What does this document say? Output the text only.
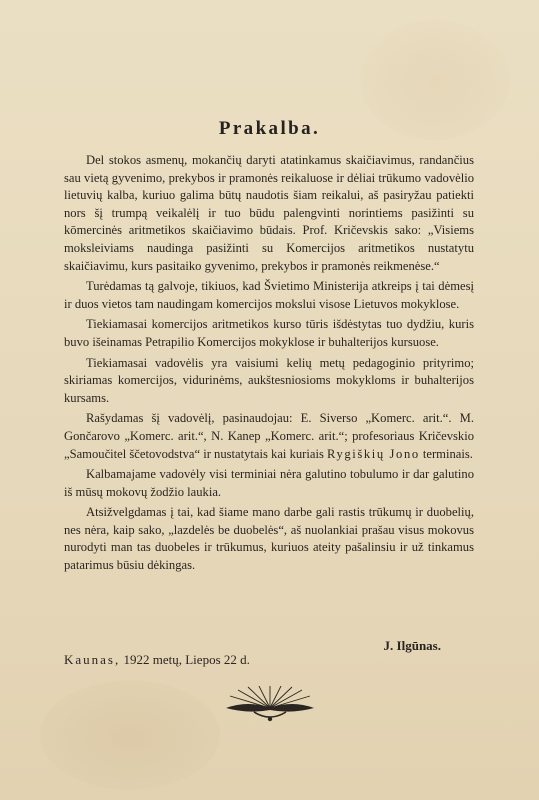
Prakalba.

Del stokos asmenų, mokančių daryti atatinkamus skaičiavimus, randančius sau vietą gyvenimo, prekybos ir pramonės reikaluose ir dėliai trūkumo vadovėlio lietuvių kalba, kuriuo galima būtų naudotis šiam reikalui, aš pasiryžau patiekti nors šį trumpą veikalėlį ir tuo būdu palengvinti norintiems pasižinti su kōmercinės aritmetikos skaičiavimo būdais. Prof. Kričevskis sako: „Visiems moksleiviams naudinga pasižinti su Komercijos aritmetikos nustatytu skaičiavimu, kurs pasitaiko gyvenimo, prekybos ir pramonės reikmenėse.“

Turėdamas tą galvoje, tikiuos, kad Švietimo Ministerija atkreips į tai dėmesį ir duos vietos tam naudingam komercijos mokslui visose Lietuvos mokyklose.

Tiekiamasai komercijos aritmetikos kurso tūris išdėstytas tuo dydžiu, kuris buvo išeinamas Petrapilio Komercijos mokyklose ir buhalterijos kursuose.

Tiekiamasai vadovėlis yra vaisiumi kelių metų pedagoginio prityrimo; skiriamas komercijos, vidurinėms, aukštesniosioms mokykloms ir buhalterijos kursams.

Rašydamas šį vadovėlį, pasinaudojau: E. Siverso „Komerc. arit.“. M. Gončarovo „Komerc. arit.“, N. Kanep „Komerc. arit.“; profesoriaus Kričevskio „Samoučitel ščetovodstva“ ir nustatytais kai kuriais Rygiškių Jono terminais.

Kalbamajame vadovėly visi terminiai nėra galutino tobulumo ir dar galutino iš mūsų mokovų žodžio laukia.

Atsižvelgdamas į tai, kad šiame mano darbe gali rastis trūkumų ir duobelių, nes nėra, kaip sako, „lazdelės be duobelės“, aš nuolankiai prašau visus mokovus nurodyti man tas duobeles ir trūkumus, kuriuos ateity pašalinsiu ir už tinkamus patarimus būsiu dėkingas.

J. Ilgūnas.
Kaunas, 1922 metų, Liepos 22 d.
